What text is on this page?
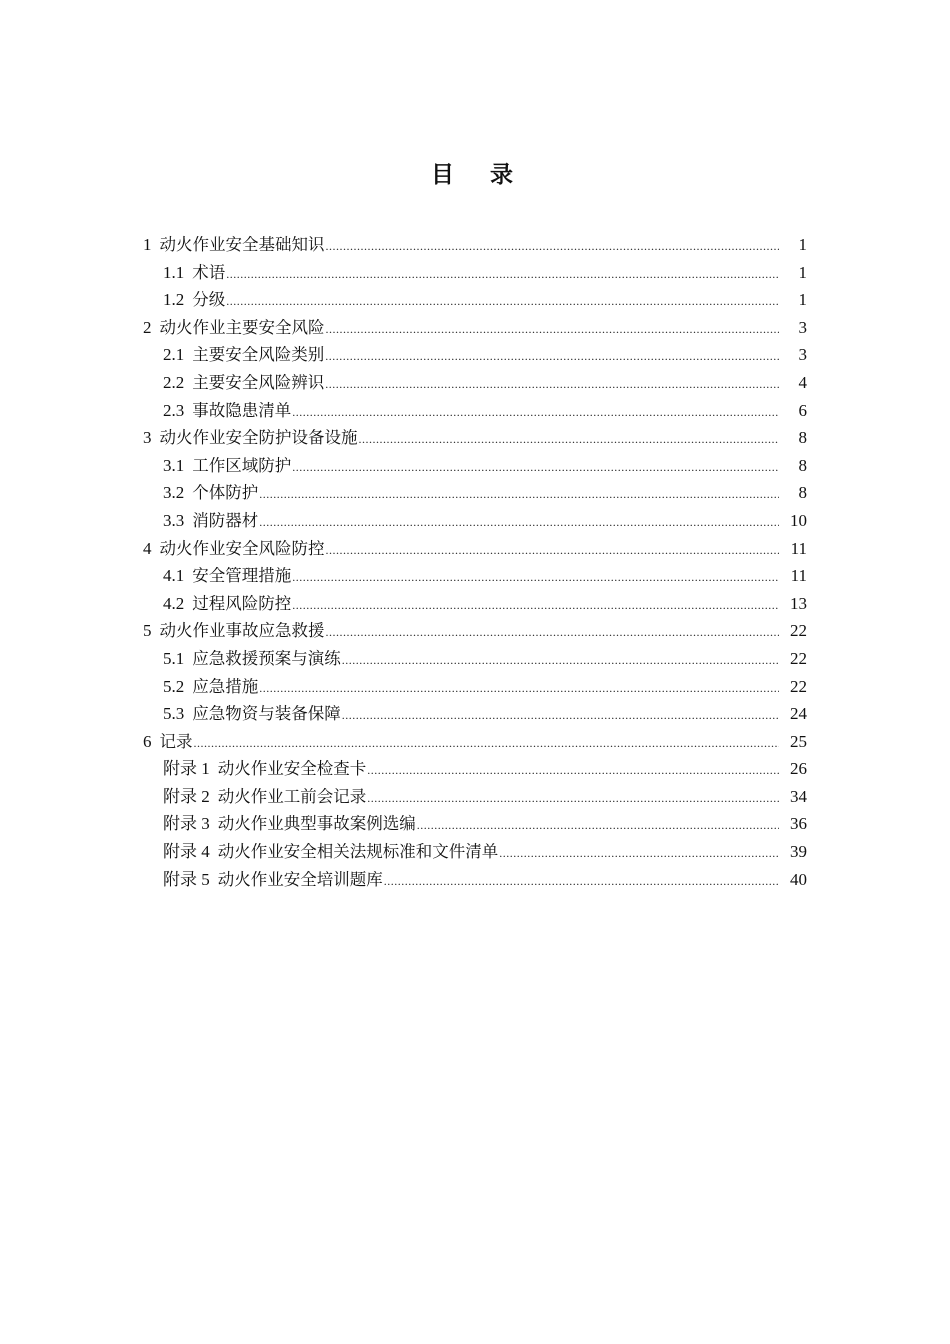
目 录
1 动火作业安全基础知识 .....	1
1.1 术语 .....	1
1.2 分级 .....	1
2 动火作业主要安全风险 .....	3
2.1 主要安全风险类别 .....	3
2.2 主要安全风险辨识 .....	4
2.3 事故隐患清单 .....	6
3 动火作业安全防护设备设施 .....	8
3.1 工作区域防护 .....	8
3.2 个体防护 .....	8
3.3 消防器材 .....	10
4 动火作业安全风险防控 .....	11
4.1 安全管理措施 .....	11
4.2 过程风险防控 .....	13
5 动火作业事故应急救援 .....	22
5.1 应急救援预案与演练 .....	22
5.2 应急措施 .....	22
5.3 应急物资与装备保障 .....	24
6 记录 .....	25
附录 1 动火作业安全检查卡 .....	26
附录 2 动火作业工前会记录 .....	34
附录 3 动火作业典型事故案例选编 .....	36
附录 4 动火作业安全相关法规标准和文件清单 .....	39
附录 5 动火作业安全培训题库 .....	40
